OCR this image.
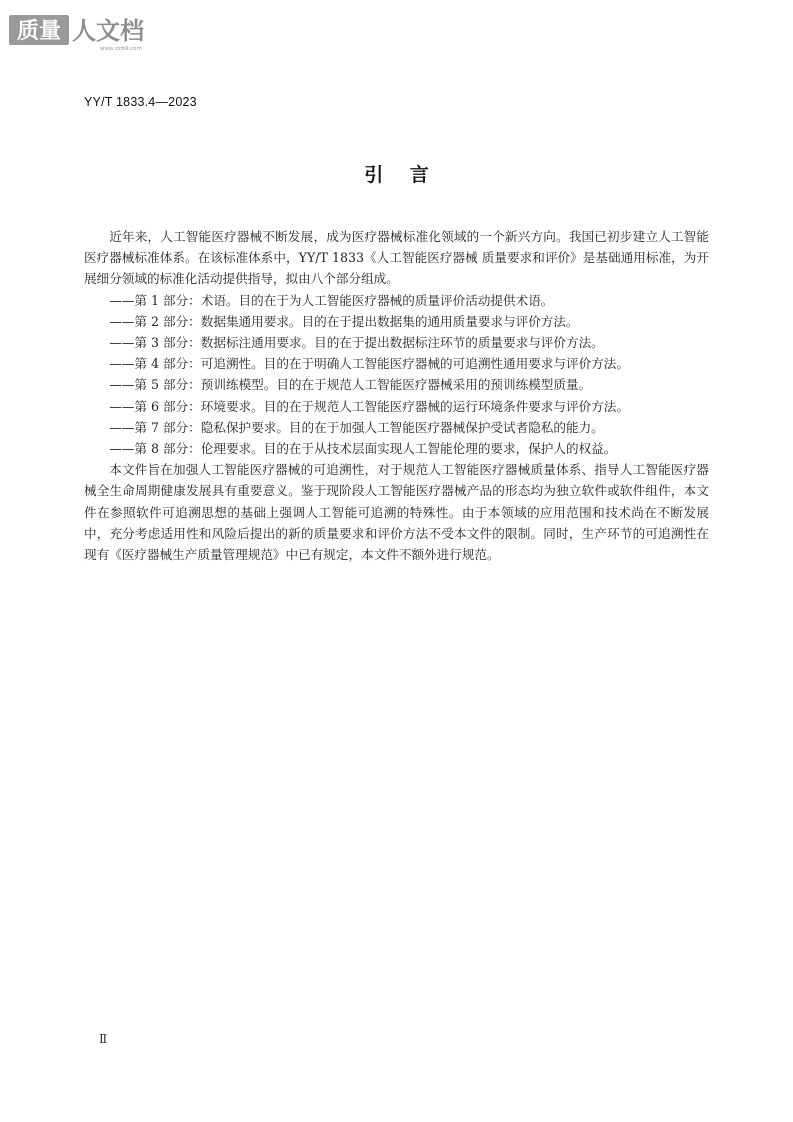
质量 人文档
www.zlrb9.com
YY/T 1833.4—2023
引    言

近年来，人工智能医疗器械不断发展，成为医疗器械标准化领域的一个新兴方向。我国已初步建立人工智能医疗器械标准体系。在该标准体系中，YY/T 1833《人工智能医疗器械 质量要求和评价》是基础通用标准，为开展细分领域的标准化活动提供指导，拟由八个部分组成。

——第 1 部分：术语。目的在于为人工智能医疗器械的质量评价活动提供术语。
——第 2 部分：数据集通用要求。目的在于提出数据集的通用质量要求与评价方法。
——第 3 部分：数据标注通用要求。目的在于提出数据标注环节的质量要求与评价方法。
——第 4 部分：可追溯性。目的在于明确人工智能医疗器械的可追溯性通用要求与评价方法。
——第 5 部分：预训练模型。目的在于规范人工智能医疗器械采用的预训练模型质量。
——第 6 部分：环境要求。目的在于规范人工智能医疗器械的运行环境条件要求与评价方法。
——第 7 部分：隐私保护要求。目的在于加强人工智能医疗器械保护受试者隐私的能力。
——第 8 部分：伦理要求。目的在于从技术层面实现人工智能伦理的要求，保护人的权益。

本文件旨在加强人工智能医疗器械的可追溯性，对于规范人工智能医疗器械质量体系、指导人工智能医疗器械全生命周期健康发展具有重要意义。鉴于现阶段人工智能医疗器械产品的形态均为独立软件或软件组件，本文件在参照软件可追溯思想的基础上强调人工智能可追溯的特殊性。由于本领域的应用范围和技术尚在不断发展中，充分考虑适用性和风险后提出的新的质量要求和评价方法不受本文件的限制。同时，生产环节的可追溯性在现有《医疗器械生产质量管理规范》中已有规定，本文件不额外进行规范。

Ⅱ
